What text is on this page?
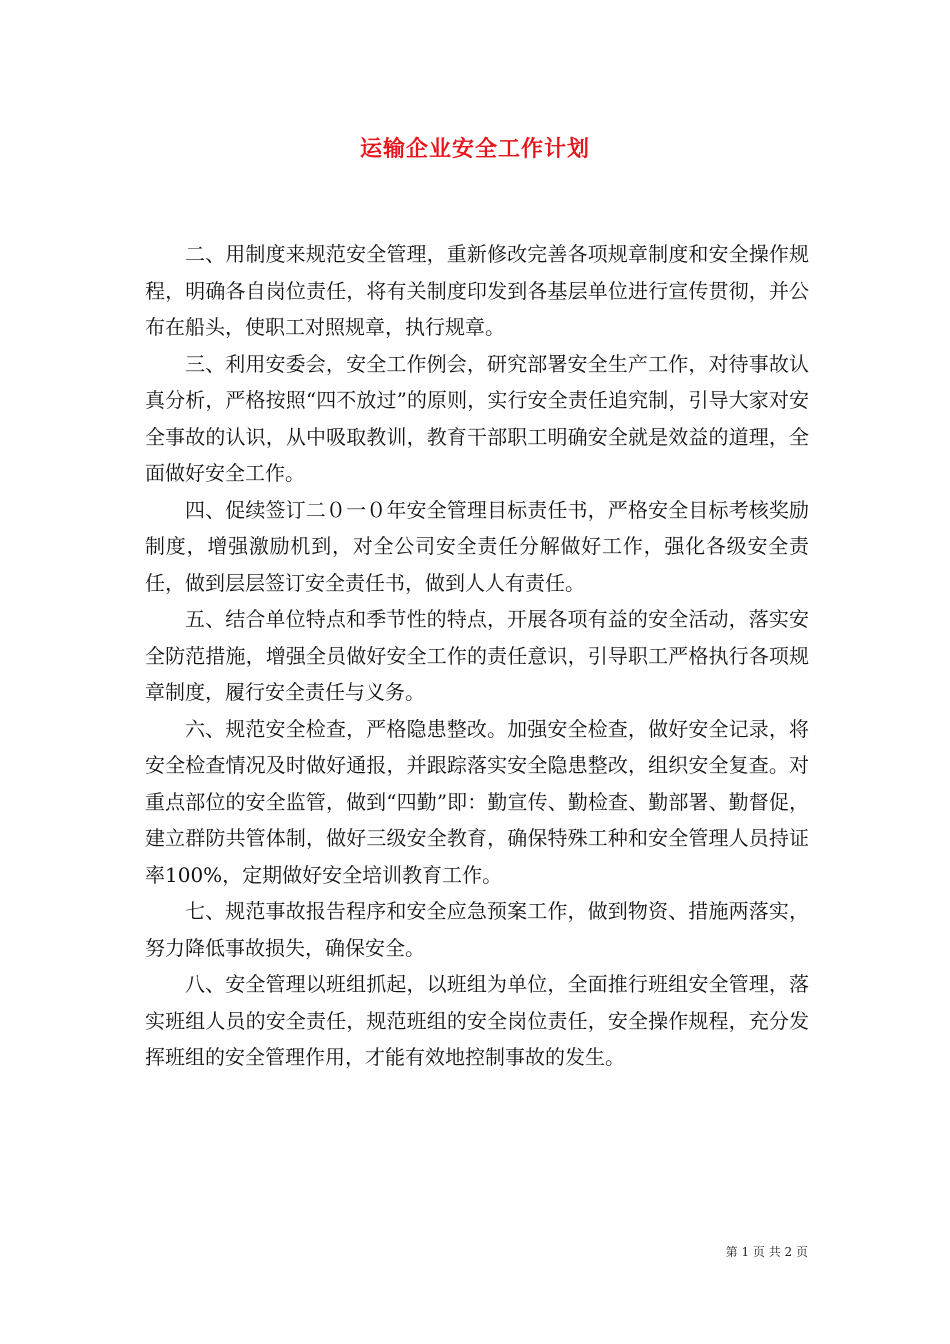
运输企业安全工作计划

二、用制度来规范安全管理，重新修改完善各项规章制度和安全操作规程，明确各自岗位责任，将有关制度印发到各基层单位进行宣传贯彻，并公布在船头，使职工对照规章，执行规章。

三、利用安委会，安全工作例会，研究部署安全生产工作，对待事故认真分析，严格按照“四不放过”的原则，实行安全责任追究制，引导大家对安全事故的认识，从中吸取教训，教育干部职工明确安全就是效益的道理，全面做好安全工作。

四、促续签订二０一０年安全管理目标责任书，严格安全目标考核奖励制度，增强激励机到，对全公司安全责任分解做好工作，强化各级安全责任，做到层层签订安全责任书，做到人人有责任。

五、结合单位特点和季节性的特点，开展各项有益的安全活动，落实安全防范措施，增强全员做好安全工作的责任意识，引导职工严格执行各项规章制度，履行安全责任与义务。

六、规范安全检查，严格隐患整改。加强安全检查，做好安全记录，将安全检查情况及时做好通报，并跟踪落实安全隐患整改，组织安全复查。对重点部位的安全监管，做到“四勤”即：勤宣传、勤检查、勤部署、勤督促，建立群防共管体制，做好三级安全教育，确保特殊工种和安全管理人员持证率100%，定期做好安全培训教育工作。

七、规范事故报告程序和安全应急预案工作，做到物资、措施两落实，努力降低事故损失，确保安全。

八、安全管理以班组抓起，以班组为单位，全面推行班组安全管理，落实班组人员的安全责任，规范班组的安全岗位责任，安全操作规程，充分发挥班组的安全管理作用，才能有效地控制事故的发生。

第 1 页 共 2 页
